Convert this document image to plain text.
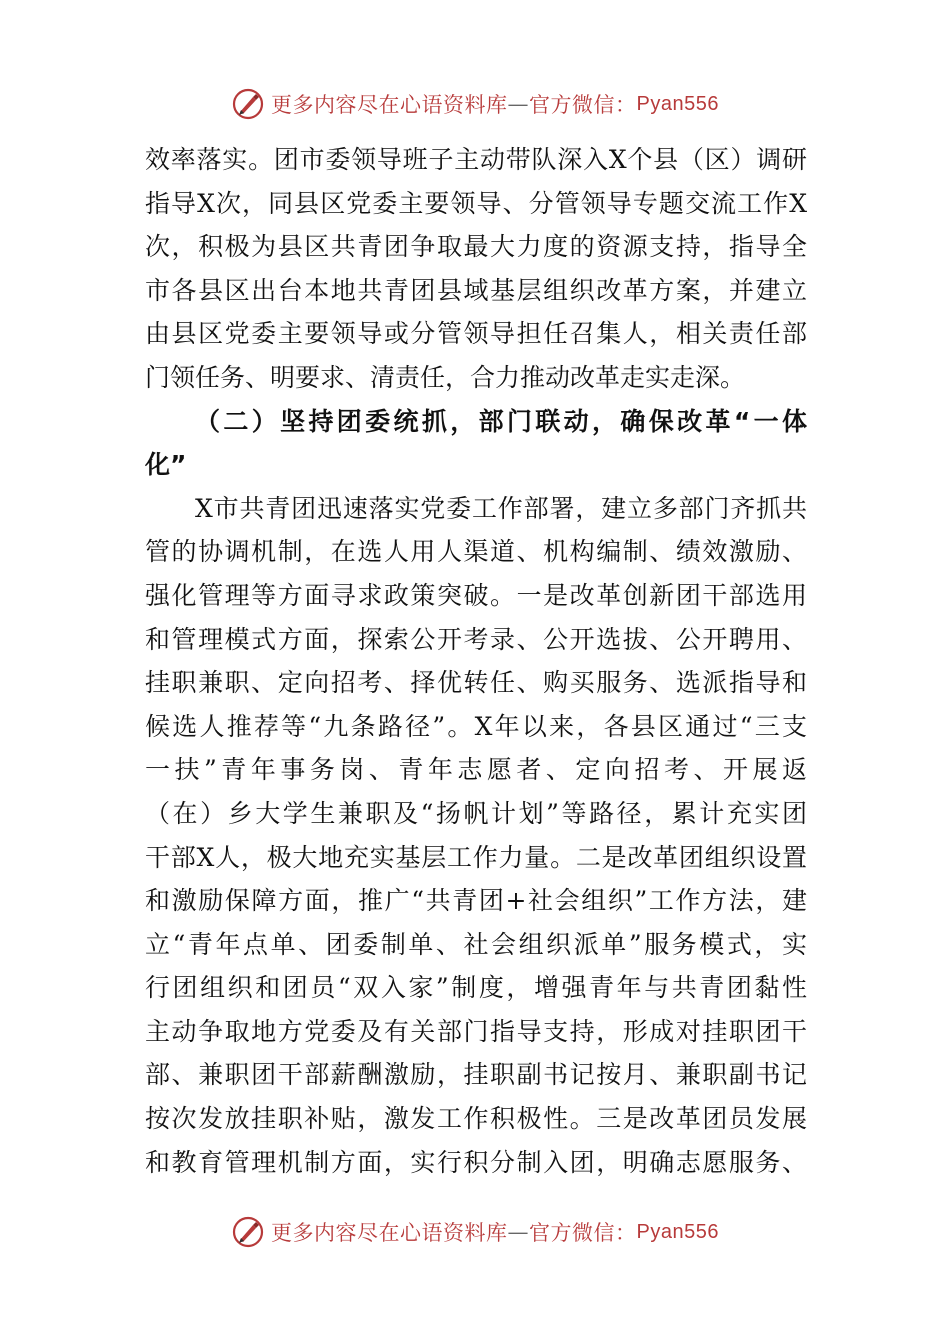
更多内容尽在心语资料库 — 官方微信： Pyan556
效率落实。团市委领导班子主动带队深入X个县（区）调研
指导X次，同县区党委主要领导、分管领导专题交流工作X
次，积极为县区共青团争取最大力度的资源支持，指导全
市各县区出台本地共青团县域基层组织改革方案，并建立
由县区党委主要领导或分管领导担任召集人，相关责任部
门领任务、明要求、清责任，合力推动改革走实走深。
（二）坚持团委统抓，部门联动，确保改革“一体
化”
X市共青团迅速落实党委工作部署，建立多部门齐抓共
管的协调机制，在选人用人渠道、机构编制、绩效激励、
强化管理等方面寻求政策突破。一是改革创新团干部选用
和管理模式方面，探索公开考录、公开选拔、公开聘用、
挂职兼职、定向招考、择优转任、购买服务、选派指导和
候选人推荐等“九条路径”。X年以来，各县区通过“三支
一扶”青年事务岗、青年志愿者、定向招考、开展返
（在）乡大学生兼职及“扬帆计划”等路径，累计充实团
干部X人，极大地充实基层工作力量。二是改革团组织设置
和激励保障方面，推广“共青团+社会组织”工作方法，建
立“青年点单、团委制单、社会组织派单”服务模式，实
行团组织和团员“双入家”制度，增强青年与共青团黏性
主动争取地方党委及有关部门指导支持，形成对挂职团干
部、兼职团干部薪酬激励，挂职副书记按月、兼职副书记
按次发放挂职补贴，激发工作积极性。三是改革团员发展
和教育管理机制方面，实行积分制入团，明确志愿服务、
更多内容尽在心语资料库 — 官方微信： Pyan556
